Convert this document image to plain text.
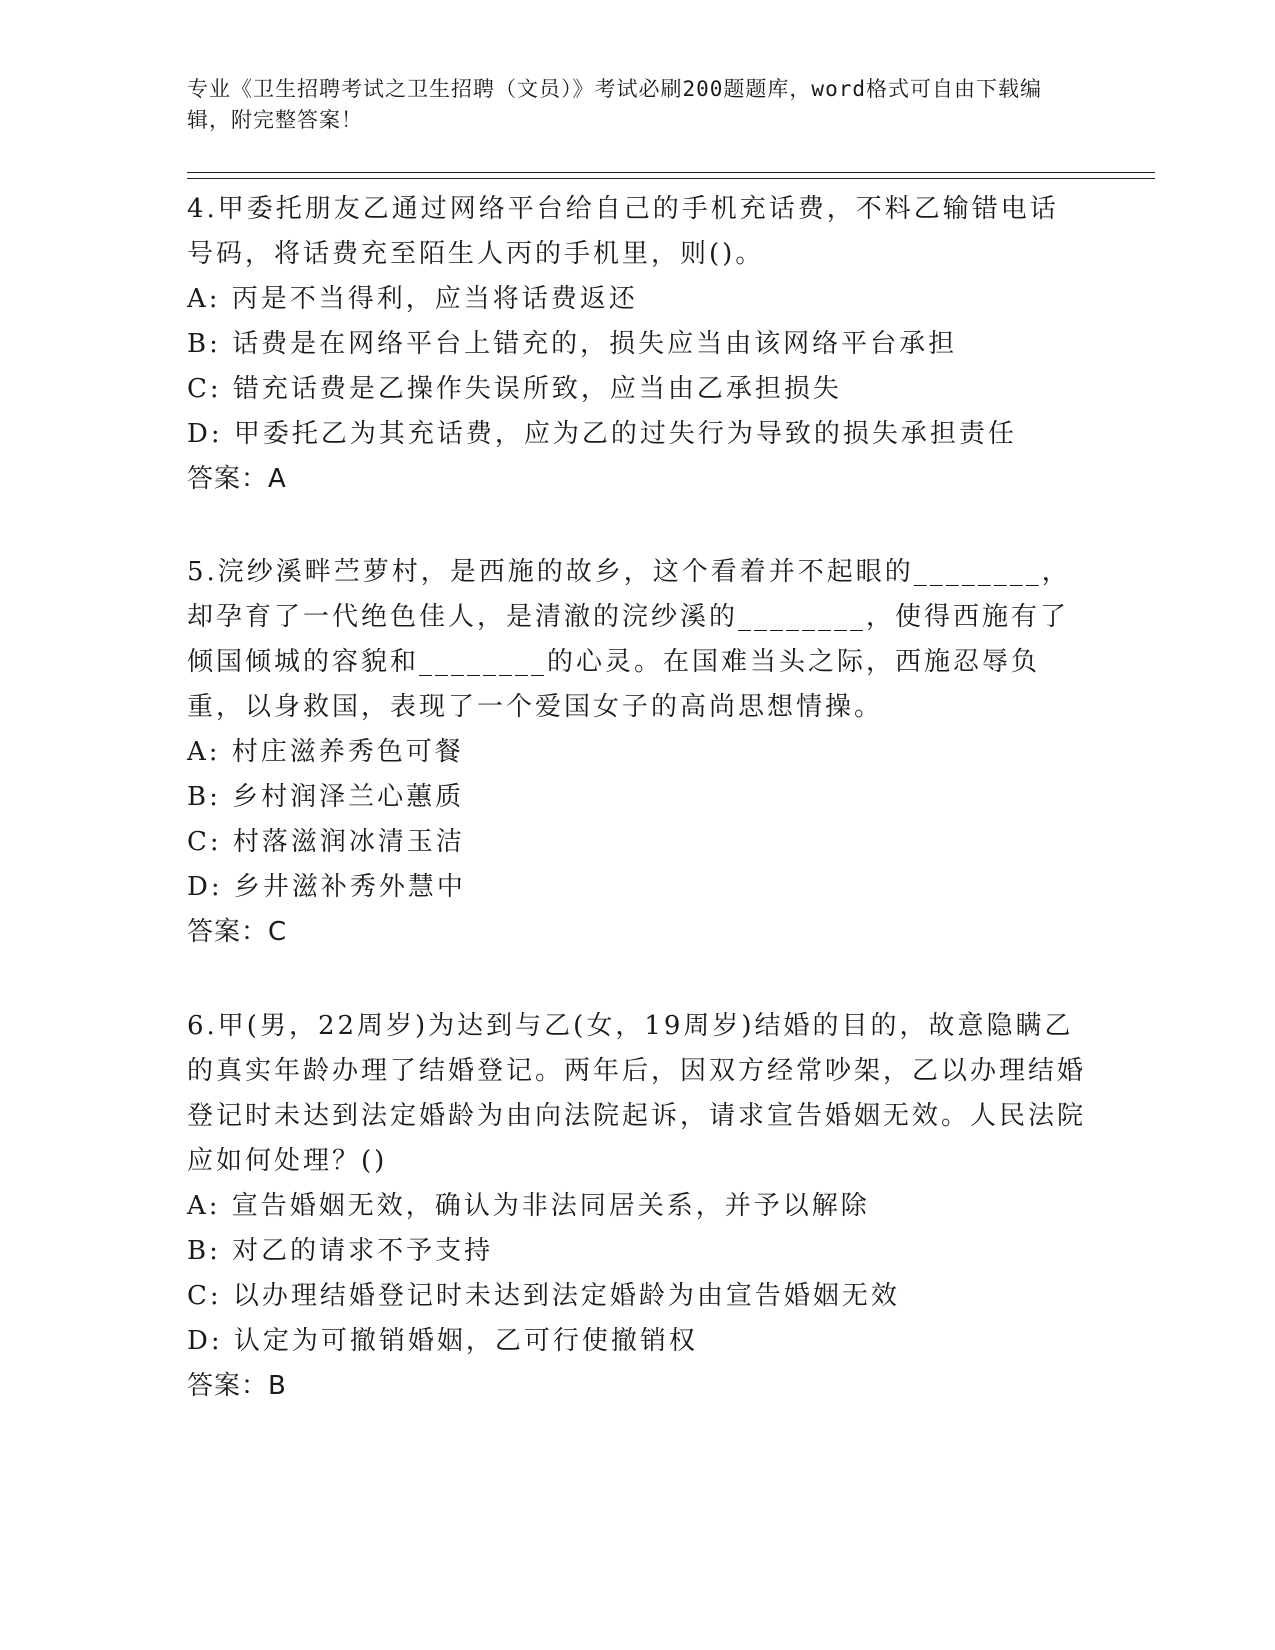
专业《卫生招聘考试之卫生招聘（文员）》考试必刷200题题库，word格式可自由下载编辑，附完整答案！
4.甲委托朋友乙通过网络平台给自己的手机充话费，不料乙输错电话号码，将话费充至陌生人丙的手机里，则()。
A: 丙是不当得利，应当将话费返还
B: 话费是在网络平台上错充的，损失应当由该网络平台承担
C: 错充话费是乙操作失误所致，应当由乙承担损失
D: 甲委托乙为其充话费，应为乙的过失行为导致的损失承担责任
答案：A
5.浣纱溪畔苎萝村，是西施的故乡，这个看着并不起眼的________，却孕育了一代绝色佳人，是清澈的浣纱溪的________，使得西施有了倾国倾城的容貌和________的心灵。在国难当头之际，西施忍辱负重，以身救国，表现了一个爱国女子的高尚思想情操。
A: 村庄滋养秀色可餐
B: 乡村润泽兰心蕙质
C: 村落滋润冰清玉洁
D: 乡井滋补秀外慧中
答案：C
6.甲(男，22周岁)为达到与乙(女，19周岁)结婚的目的，故意隐瞒乙的真实年龄办理了结婚登记。两年后，因双方经常吵架，乙以办理结婚登记时未达到法定婚龄为由向法院起诉，请求宣告婚姻无效。人民法院应如何处理？()
A: 宣告婚姻无效，确认为非法同居关系，并予以解除
B: 对乙的请求不予支持
C: 以办理结婚登记时未达到法定婚龄为由宣告婚姻无效
D: 认定为可撤销婚姻，乙可行使撤销权
答案：B
